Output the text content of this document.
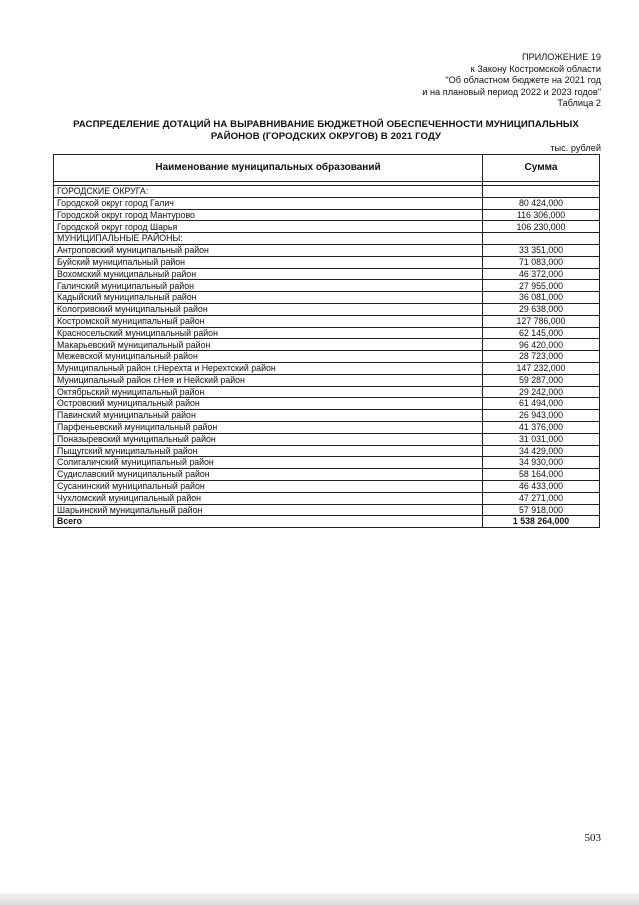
ПРИЛОЖЕНИЕ 19
к Закону Костромской области
"Об областном бюджете на 2021 год
и на плановый период 2022 и 2023 годов"
Таблица 2
РАСПРЕДЕЛЕНИЕ ДОТАЦИЙ НА ВЫРАВНИВАНИЕ БЮДЖЕТНОЙ ОБЕСПЕЧЕННОСТИ МУНИЦИПАЛЬНЫХ
РАЙОНОВ (ГОРОДСКИХ ОКРУГОВ) В 2021 ГОДУ
тыс. рублей
Наименование муниципальных образований	Сумма

ГОРОДСКИЕ ОКРУГА:	
Городской округ город Галич	80 424,000
Городской округ город Мантурово	116 306,000
Городской округ город Шарья	106 230,000
МУНИЦИПАЛЬНЫЕ РАЙОНЫ:	
Антроповский муниципальный район	33 351,000
Буйский муниципальный район	71 083,000
Вохомский муниципальный район	46 372,000
Галичский муниципальный район	27 955,000
Кадыйский муниципальный район	36 081,000
Кологривский муниципальный район	29 638,000
Костромской муниципальный район	127 786,000
Красносельский муниципальный район	62 145,000
Макарьевский муниципальный район	96 420,000
Межевской муниципальный район	28 723,000
Муниципальный район г.Нерехта и Нерехтский район	147 232,000
Муниципальный район г.Нея и Нейский район	59 287,000
Октябрьский муниципальный район	29 242,000
Островский муниципальный район	61 494,000
Павинский муниципальный район	26 943,000
Парфеньевский муниципальный район	41 376,000
Поназыревский муниципальный район	31 031,000
Пыщугский муниципальный район	34 429,000
Солигаличский муниципальный район	34 930,000
Судиславский муниципальный район	58 164,000
Сусанинский муниципальный район	46 433,000
Чухломский муниципальный район	47 271,000
Шарьинский муниципальный район	57 918,000
Всего	1 538 264,000
503
